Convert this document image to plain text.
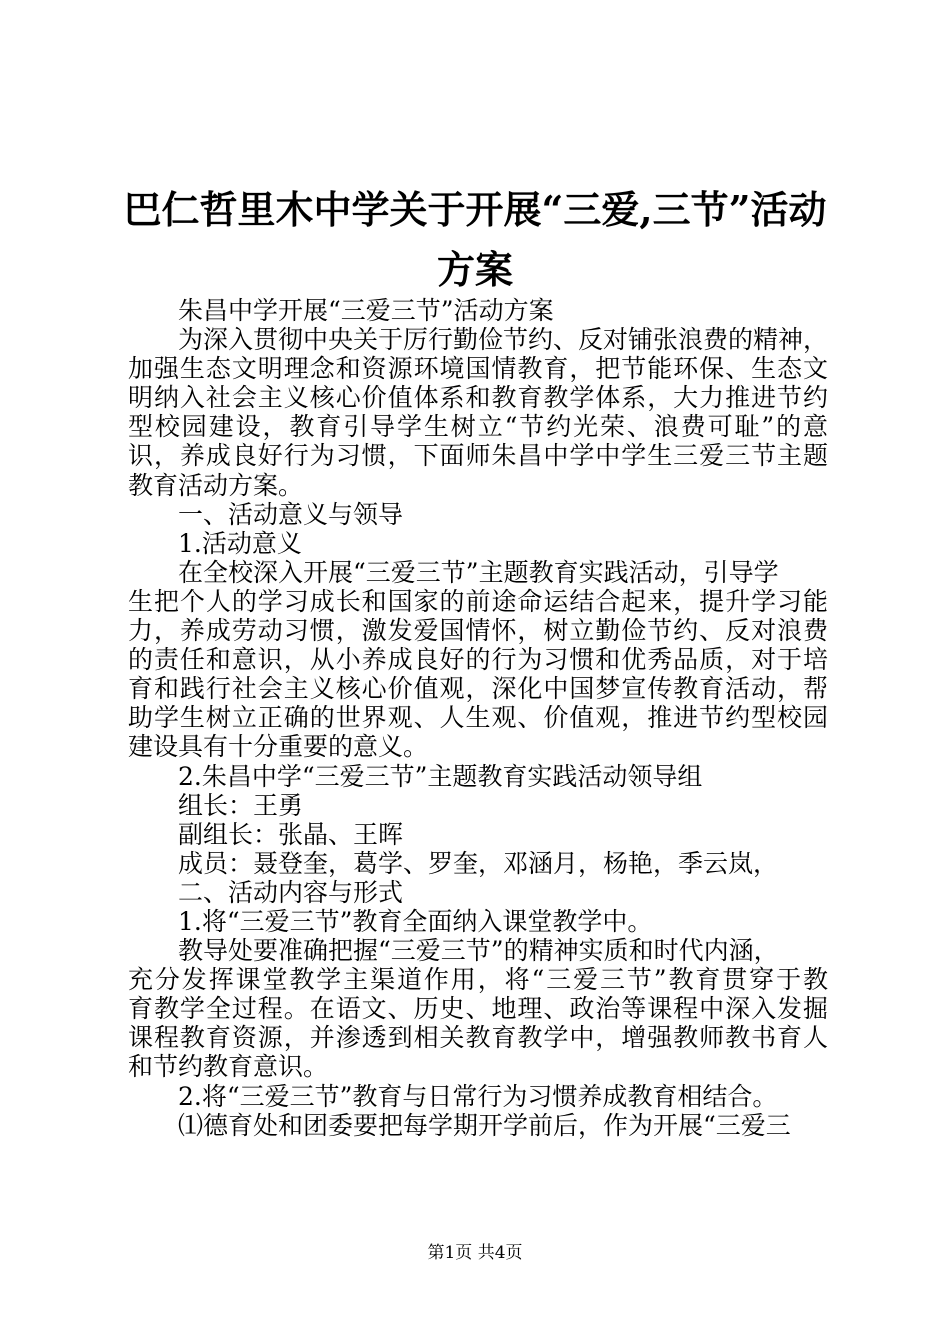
巴仁哲里木中学关于开展“三爱,三节”活动
方案
朱昌中学开展“三爱三节”活动方案
为深入贯彻中央关于厉行勤俭节约、反对铺张浪费的精神，
加强生态文明理念和资源环境国情教育，把节能环保、生态文
明纳入社会主义核心价值体系和教育教学体系，大力推进节约
型校园建设，教育引导学生树立“节约光荣、浪费可耻”的意
识，养成良好行为习惯，下面师朱昌中学中学生三爱三节主题
教育活动方案。
一、活动意义与领导
1.活动意义
在全校深入开展“三爱三节”主题教育实践活动，引导学
生把个人的学习成长和国家的前途命运结合起来，提升学习能
力，养成劳动习惯，激发爱国情怀，树立勤俭节约、反对浪费
的责任和意识，从小养成良好的行为习惯和优秀品质，对于培
育和践行社会主义核心价值观，深化中国梦宣传教育活动，帮
助学生树立正确的世界观、人生观、价值观，推进节约型校园
建设具有十分重要的意义。
2.朱昌中学“三爱三节”主题教育实践活动领导组
组长：王勇
副组长：张晶、王晖
成员：聂登奎，葛学、罗奎，邓涵月，杨艳，季云岚，
二、活动内容与形式
1.将“三爱三节”教育全面纳入课堂教学中。
教导处要准确把握“三爱三节”的精神实质和时代内涵，
充分发挥课堂教学主渠道作用，将“三爱三节”教育贯穿于教
育教学全过程。在语文、历史、地理、政治等课程中深入发掘
课程教育资源，并渗透到相关教育教学中，增强教师教书育人
和节约教育意识。
2.将“三爱三节”教育与日常行为习惯养成教育相结合。
⑴德育处和团委要把每学期开学前后，作为开展“三爱三
第1页 共4页
